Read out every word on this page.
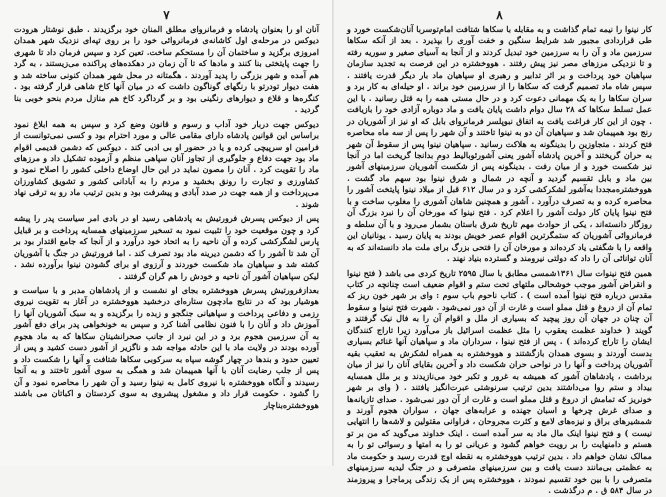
۷

آنان او را بعنوان پادشاه و فرمانروای مطلق المنان خود برگزیدند . طبق نوشتار هرودت دیوکس در مرحله‌ی اول کاشانه‌ی فرمانروائی خود را بر روی تپه‌ای نزدیک شهر همدان امروزی برگزید و ساختمان آن را مستحکم ساخت. تعین کرد و سپس فرمان داد تا شهری را جهت پایتختی بنا کنند و مادها که تا آن زمان در دهکده‌های پراکنده می‌زیستند ، به گرد هم آمده و شهر بزرگی را پدید آوردند . هگمتانه در محل شهر همدان کنونی ساخته شد و هفت دیوار تودرتو با رنگهای گوناگون داشت که در میان آنها کاخ شاهی قرار گرفته بود . کنگره‌ها و قلاع و دیوارهای رنگینی بود و بر گرداگرد کاخ هم منازل مردم بنحو خوبی بنا گردید .

دیوکس جهت دربار خود آداب و رسوم و قانون وضع کرد و سپس به همه ابلاغ نمود براساس این قوانین پادشاه دارای مقامی عالی و مورد احترام بود و کسی نمی‌توانست از فرامین او سرپیچی کرده و یا در حضور او بی ادبی کند . دیوکس که دشمن قدیمی اقوام ماد بود جهت دفاع و جلوگیری از تجاوز آنان سپاهی منظم و آزموده تشکیل داد و مرزهای ماد را تقویت کرد . آنان را مصون نماید در این حال اوضاع داخلی کشور را اصلاح نمود و کشاورزی و تجارت را رونق بخشید و مردم را به آبادانی کشور و تشویق کشاورزان می‌پرداخت و از همه جهت در صدد آبادی و پیشرفت بود و بدین ترتیب ماد رو به ترقی نهاد شوند .

پس از دیوکس پسرش فرورتیش به پادشاهی رسید او در بادی امر سیاست پدر را پیشه کرد و چون موقعیت خود را تثبیت نمود به تسخیر سرزمینهای همسایه پرداخت و بر قبایل پارس لشگرکشی کرده و آن ناحیه را به اتحاد خود درآورد و از آنجا که جامع اقتدار بود بر آن شد تا آشور را که دشمن دیرینه ماد بود تصرف کند . اما فرورتیش در جنگ با آشوریان کشته شد و سپاهیان ماد شکست خوردند و آرزوی او برای گشودن نینوا برآورده نشد . لیکن سپاهیان آشور آن ناحیه و خودش را هم گران گرفتند .

بعدازفرورتیش پسرش هووخشتره بجای او نشست و از پادشاهان مدبر و با سیاست و هوشیار بود که در نتایج مادچون ستاره‌ای درخشید هووخشتره در آغاز به تقویت نیروی رزمی و دفاعی پرداخت و سپاهیانی جنگجو و زبده را برگزیده و به سبک آشوریان آنها را آموزش داد و آنان را با فنون نظامی آشنا کرد و سپس به خونخواهی پدر برای دفع آشور به آن سرزمین هجوم برد و در این نبرد از جانب صحرانشینان سکاها که به ماد هجوم آورده بودند در ولایت ماد با این حادثه مواجه شد و ناگزیر از آشور دست کشید و پس از تعیین حدود و بندها در چهار گوشه سپاه به سرکوبی سکاها شتافت و آنها را شکست داد و پس از جلب رضایت آنان با آنها همپیمان شد و همگی به سوی آشور تاختند و به آنجا رسیدند و آنگاه هووخشتره با نیروی کامل به نینوا رسید و آن شهر را محاصره نمود و آن را گشود . حکومت قرار داد و مشغول پیشروی به سوی کردستان و اکباتان می باشند هووخشتره‌بناچار

۸

کار نینوا را نیمه تمام گذاشت و به مقابله با سکاها شتافت امام‌توسربا آنان‌شکست خورد و طی قراردادی مجبور شد شرایط سنگین و خفت آوری را بپذیرد . بعد از آنکه سکاها سرزمین ماد و آن را به سرزمین خود تبدیل کردند و از آنجا به آسیای صغیر و سوریه رفته و تا نزدیکی مرزهای مصر نیز پیش رفتند . هووخشتره در این فرصت به تجدید سازمان سپاهیان خود پرداخت و بر اثر تدابیر و رهبری او سپاهیان ماد بار دیگر قدرت یافتند . سپس شاه ماد تصمیم گرفت که سکاها را از سرزمین خود براند . او حیله‌ای به کار برد و سران سکاها را به یک مهمانی دعوت کرد و در حال مستی همه را به قتل رسانید . با این عمل تسلط سکاها که ۲۸ سال دوام داشت پایان یافت و ماد دوباره آزادی خود را بازیافت . چون از این کار فراغت یافت به اتفاق نبوپلسر فرمانروای بابل که او نیز از آشوریان در رنج بود همپیمان شد و سپاهیان آن دو به نینوا تاختند و آن شهر را پس از سه ماه محاصره فتح کردند . متجاوزین را بدینگونه به هلاکت رسانید . سپاهیان نینوا پس از سقوط آن شهر به حران گریختند و آخرین پادشاه آشور یعنی آشورئوبالیط دوم بدانجا گریخت اما در آنجا نیز شکست خورد و از میان رفت . بدینگونه پس از شکست آشوریان سرزمینهای آشور بین ماد و بابل تقسیم گردید و آنچه در شمال و شرق نینوا بود سهم ماد گشت . هووخشتره‌مجددا به‌آشور لشکرکشی کرد و در سال ۶۱۲ قبل از میلاد نینوا پایتخت آشور را محاصره کرده و به تصرف درآورد . آشور و همچنین شاهان آشوری را مغلوب ساخت و با فتح نینوا پایان کار دولت آشور را اعلام کرد . فتح نینوا که مورخان آن را نبرد بزرگ آن روزگار دانسته‌اند ، یکی از حوادث مهم تاریخ شرق باستان بشمار می‌رود و با آن سلطه و فرمانروائی آشوریان که ستمگرترین اقوام عصر خویش بودند به پایان رسید . یونانیان این واقعه را با شگفتی یاد کرده‌اند و مورخان آن را فتحی بزرگ برای ملت ماد دانسته‌اند که به آنان توانائی آن را داد که دولتی نیرومند و گسترده بنیاد نهند .

همین فتح نینوات سال ۱۳۶۱شمسی مطابق با سال ۲۵۹۵ تاریخ کردی می باشد ( فتح نینوا و انقراض آشور موجب خوشحالی ملتهای تحت ستم و اقوام ضعیف است چنانچه در کتاب مقدس درباره فتح نینوا آمده است ) . کتاب ناحوم باب سوم : وای بر شهر خون ریز که تمام آن از دروغ و قتل مملو است و غارت از آن دور نمی‌شود . شهرت فتح نینوا و سقوط آن چنان در جهان آن روز پیچید که بسیاری از ملل و اقوام آن را به فال نیک گرفتند و گویند ( خداوند عظمت یعقوب را مثل عظمت اسرائیل باز می‌آورد زیرا تاراج کنندگان ایشان را تاراج کرده‌اند ) . پس از فتح نینوا ، سرداران ماد و سپاهیان آنها غنائم بسیاری بدست آوردند و بسوی همدان بازگشتند و هووخشتره به همراه لشکرش به تعقیب بقیه آشوریان پرداخت و آنها را در نواحی حران شکست داد و آخرین بقایای آنان را نیز از میان برداشت ، پادشاهان آشور که همیشه به غرور و تکبر خود می‌نازیدند و بر ملل همسایه بیداد و ستم روا می‌داشتند بدین ترتیب سرنوشتی عبرت‌انگیز یافتند . ( وای بر شهر خونریز که تمامش از دروغ و قتل مملو است و غارت از آن دور نمی‌شود . صدای تازیانه‌ها و صدای غرش چرخها و اسبان جهنده و عرابه‌های جهان ، سواران هجوم آورند و شمشیرهای براق و نیزه‌های لامع و کثرت مجروحان ، فراوانی مقتولین و لاشه‌ها را انتهایی نیست ) و فتح نینوا اینک مال ماد به سر آمده است . اینک خداوند می‌گوید که من بر تو هستم و دامنهایت را بر رویت خواهم گشود و عریانی تو را به امتها و رسوائی تو را به ممالک نشان خواهم داد . بدین ترتیب هووخشتره به نقطه اوج قدرت رسید و حکومت ماد به عظمتی بی‌مانند دست یافت و بین سرزمینهای متصرفی و در جنگ لیدیه سرزمینهای متصرفی را با بین خود تقسیم نمودند ، هووخشتره پس از یک زندگی پرماجرا و پیروزمند در سال ۵۸۴ ق . م درگذشت .
